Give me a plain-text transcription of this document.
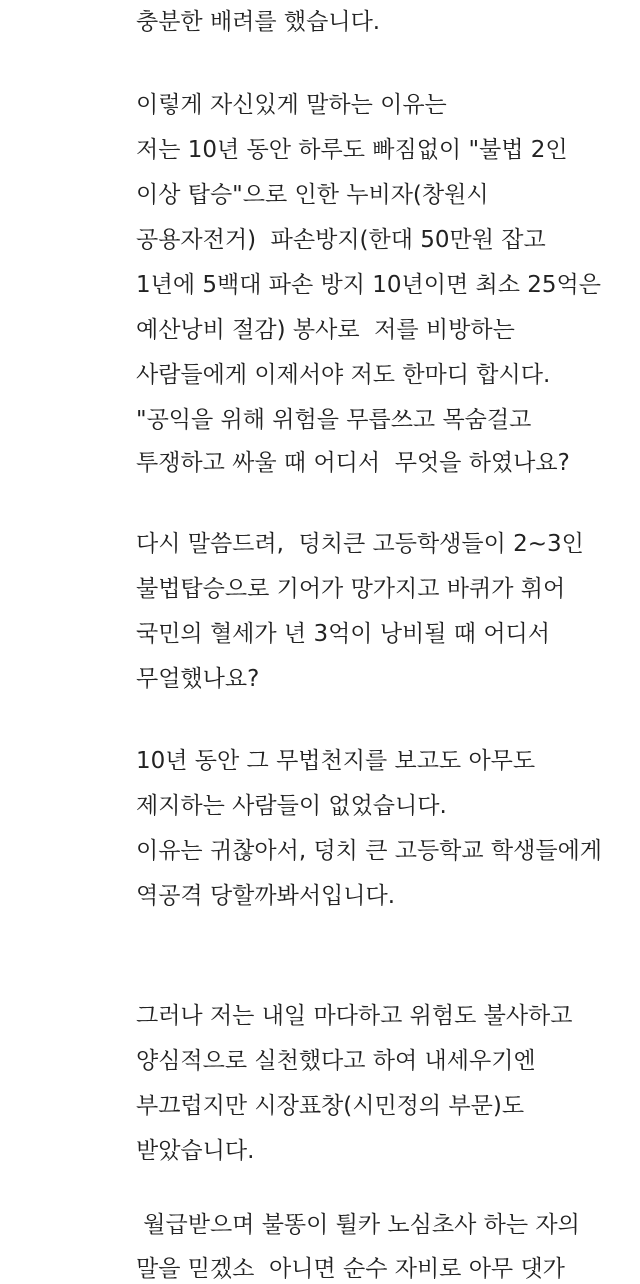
충분한 배려를 했습니다.
이렇게 자신있게 말하는 이유는
저는 10년 동안 하루도 빠짐없이 "불법 2인
이상 탑승"으로 인한 누비자(창원시
공용자전거)  파손방지(한대 50만원 잡고
1년에 5백대 파손 방지 10년이면 최소 25억은
예산낭비 절감) 봉사로  저를 비방하는
사람들에게 이제서야 저도 한마디 합시다.
"공익을 위해 위험을 무릅쓰고 목숨걸고
투쟁하고 싸울 때 어디서  무엇을 하였나요?
다시 말씀드려,  덩치큰 고등학생들이 2~3인
불법탑승으로 기어가 망가지고 바퀴가 휘어
국민의 혈세가 년 3억이 낭비될 때 어디서
무얼했나요?
10년 동안 그 무법천지를 보고도 아무도
제지하는 사람들이 없었습니다.
이유는 귀찮아서, 덩치 큰 고등학교 학생들에게
역공격 당할까봐서입니다.
그러나 저는 내일 마다하고 위험도 불사하고
양심적으로 실천했다고 하여 내세우기엔
부끄럽지만 시장표창(시민정의 부문)도
받았습니다.
월급받으며 불똥이 튈카 노심초사 하는 자의
말을 믿겠소  아니면 순수 자비로 아무 댓가
